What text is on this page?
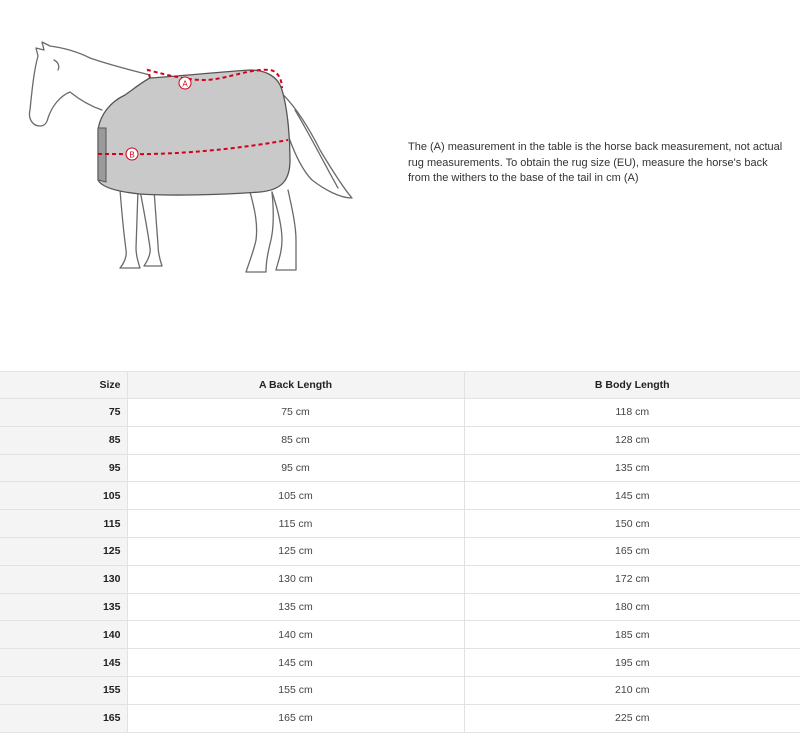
A
B
The (A) measurement in the table is the horse back measurement, not actual rug measurements. To obtain the rug size (EU), measure the horse's back from the withers to the base of the tail in cm (A)
Size	A Back Length	B Body Length
75	75 cm	118 cm
85	85 cm	128 cm
95	95 cm	135 cm
105	105 cm	145 cm
115	115 cm	150 cm
125	125 cm	165 cm
130	130 cm	172 cm
135	135 cm	180 cm
140	140 cm	185 cm
145	145 cm	195 cm
155	155 cm	210 cm
165	165 cm	225 cm
